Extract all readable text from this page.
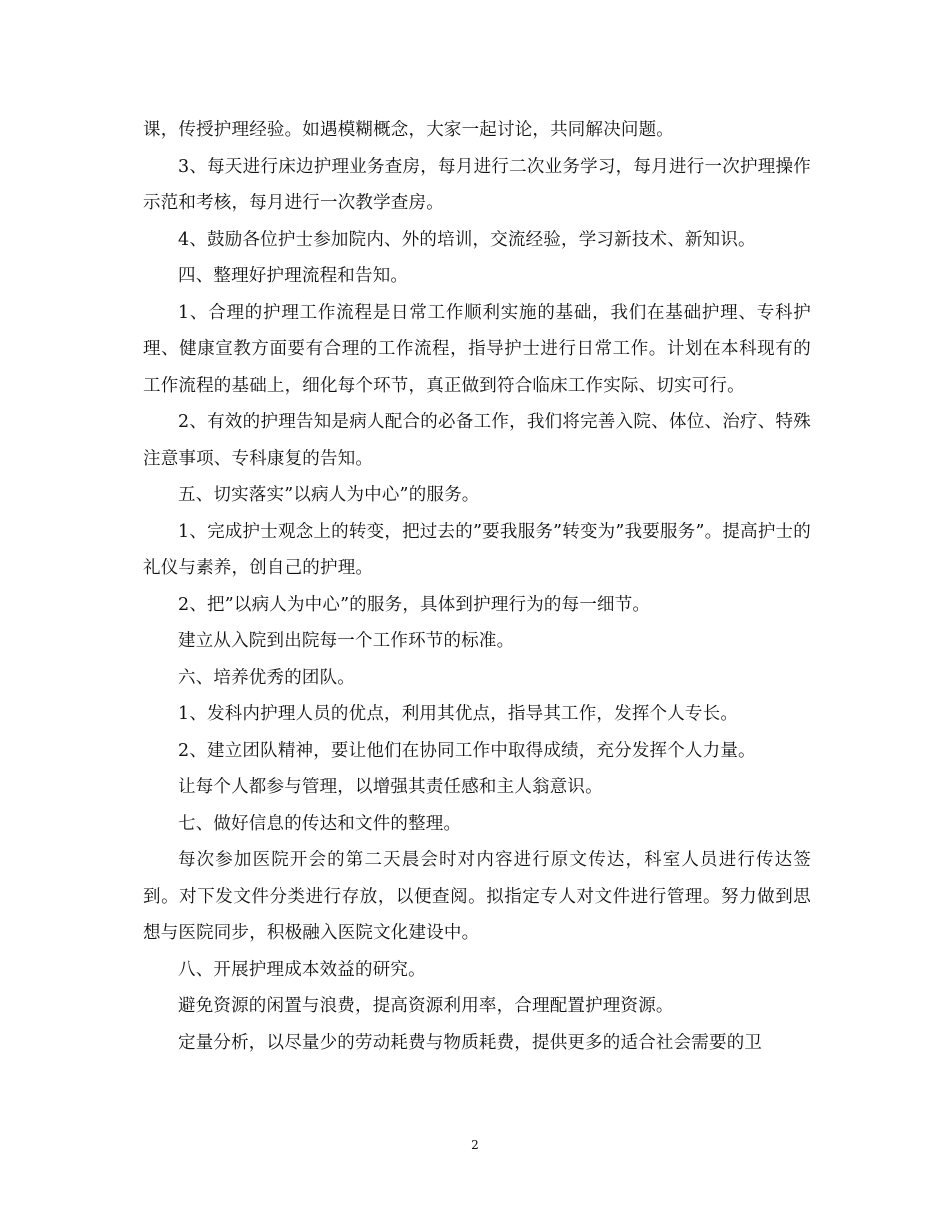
课，传授护理经验。如遇模糊概念，大家一起讨论，共同解决问题。

3、每天进行床边护理业务查房，每月进行二次业务学习，每月进行一次护理操作示范和考核，每月进行一次教学查房。

4、鼓励各位护士参加院内、外的培训，交流经验，学习新技术、新知识。

四、整理好护理流程和告知。

1、合理的护理工作流程是日常工作顺利实施的基础，我们在基础护理、专科护理、健康宣教方面要有合理的工作流程，指导护士进行日常工作。计划在本科现有的工作流程的基础上，细化每个环节，真正做到符合临床工作实际、切实可行。

2、有效的护理告知是病人配合的必备工作，我们将完善入院、体位、治疗、特殊注意事项、专科康复的告知。

五、切实落实”以病人为中心”的服务。

1、完成护士观念上的转变，把过去的”要我服务”转变为”我要服务”。提高护士的礼仪与素养，创自己的护理。

2、把”以病人为中心”的服务，具体到护理行为的每一细节。

建立从入院到出院每一个工作环节的标准。

六、培养优秀的团队。

1、发科内护理人员的优点，利用其优点，指导其工作，发挥个人专长。

2、建立团队精神，要让他们在协同工作中取得成绩，充分发挥个人力量。

让每个人都参与管理，以增强其责任感和主人翁意识。

七、做好信息的传达和文件的整理。

每次参加医院开会的第二天晨会时对内容进行原文传达，科室人员进行传达签到。对下发文件分类进行存放，以便查阅。拟指定专人对文件进行管理。努力做到思想与医院同步，积极融入医院文化建设中。

八、开展护理成本效益的研究。

避免资源的闲置与浪费，提高资源利用率，合理配置护理资源。

定量分析，以尽量少的劳动耗费与物质耗费，提供更多的适合社会需要的卫

2
